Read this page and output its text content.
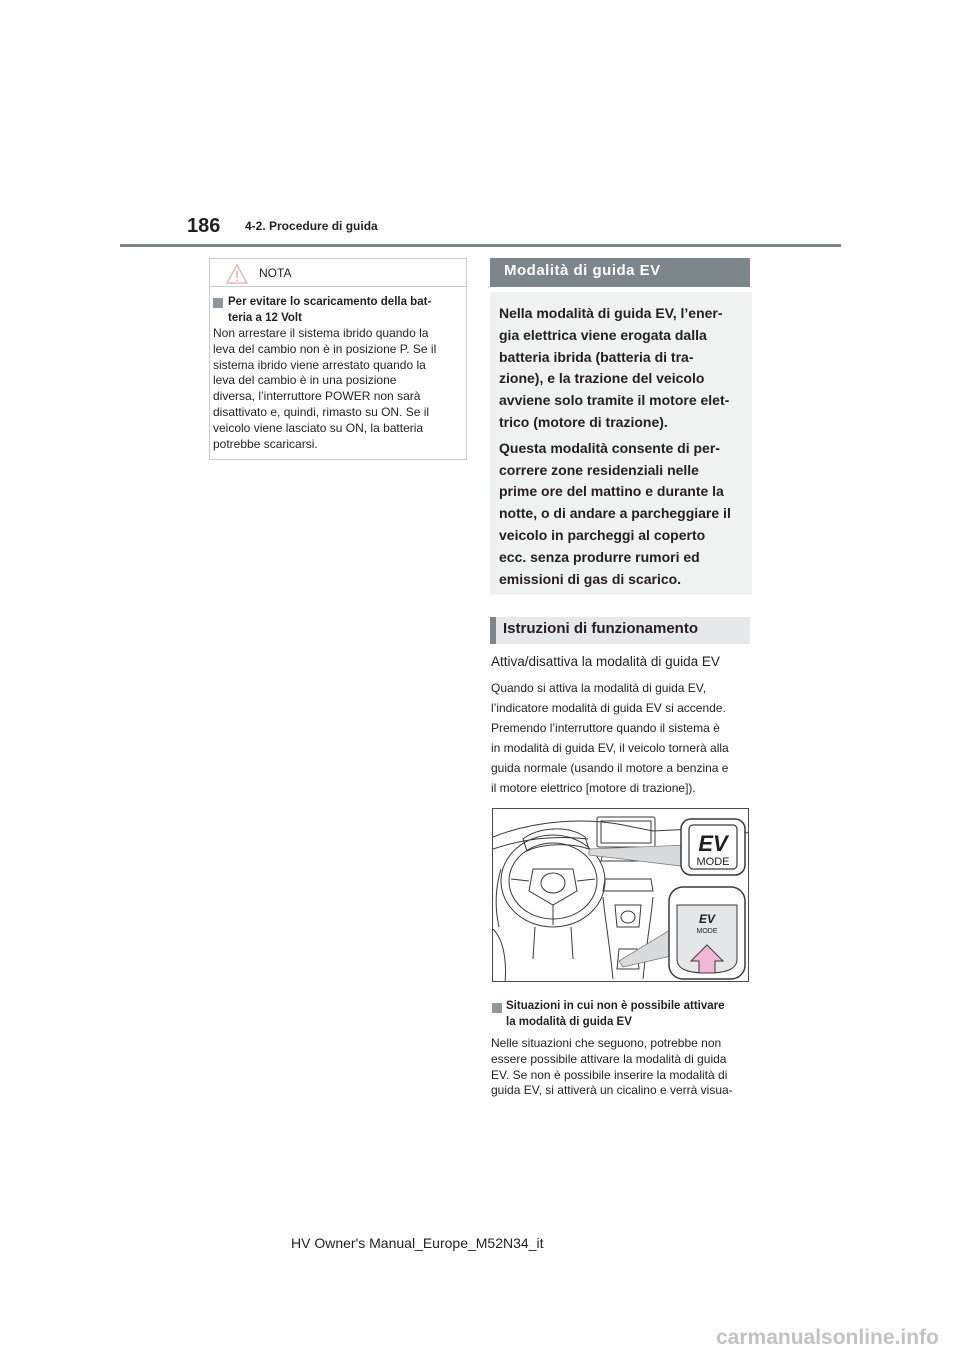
186 4-2. Procedure di guida
NOTA
Per evitare lo scaricamento della bat-
teria a 12 Volt
Non arrestare il sistema ibrido quando la
leva del cambio non è in posizione P. Se il
sistema ibrido viene arrestato quando la
leva del cambio è in una posizione
diversa, l’interruttore POWER non sarà
disattivato e, quindi, rimasto su ON. Se il
veicolo viene lasciato su ON, la batteria
potrebbe scaricarsi.
Modalità di guida EV

Nella modalità di guida EV, l’ener-
gia elettrica viene erogata dalla
batteria ibrida (batteria di tra-
zione), e la trazione del veicolo
avviene solo tramite il motore elet-
trico (motore di trazione).

Questa modalità consente di per-
correre zone residenziali nelle
prime ore del mattino e durante la
notte, o di andare a parcheggiare il
veicolo in parcheggi al coperto
ecc. senza produrre rumori ed
emissioni di gas di scarico.

Istruzioni di funzionamento
Attiva/disattiva la modalità di guida EV
Quando si attiva la modalità di guida EV,
l’indicatore modalità di guida EV si accende.
Premendo l’interruttore quando il sistema è
in modalità di guida EV, il veicolo tornerà alla
guida normale (usando il motore a benzina e
il motore elettrico [motore di trazione]).
EV
MODE
EV
MODE
Situazioni in cui non è possibile attivare
la modalità di guida EV
Nelle situazioni che seguono, potrebbe non
essere possibile attivare la modalità di guida
EV. Se non è possibile inserire la modalità di
guida EV, si attiverà un cicalino e verrà visua-
HV Owner's Manual_Europe_M52N34_it
carmanualsonline.info
